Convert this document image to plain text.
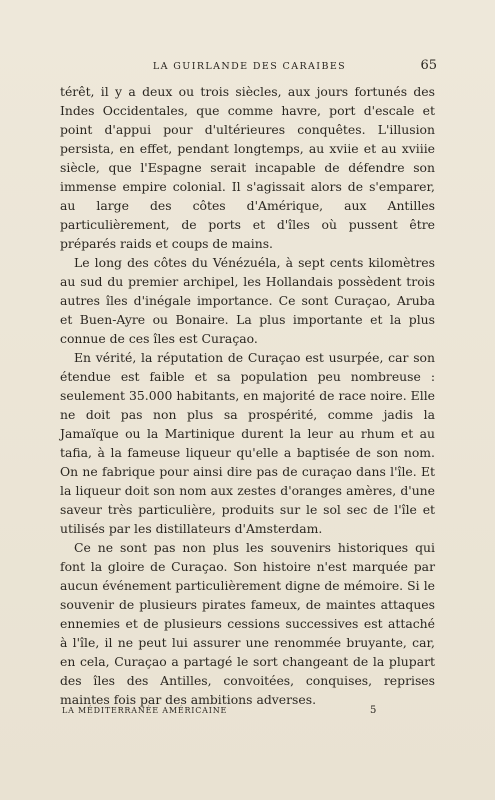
LA GUIRLANDE DES CARAIBES	65

térêt, il y a deux ou trois siècles, aux jours fortunés des Indes Occidentales, que comme havre, port d'escale et point d'appui pour d'ultérieures conquêtes. L'illusion persista, en effet, pendant longtemps, au xviie et au xviiie siècle, que l'Espagne serait incapable de défendre son immense empire colonial. Il s'agissait alors de s'emparer, au large des côtes d'Amérique, aux Antilles particulièrement, de ports et d'îles où pussent être préparés raids et coups de mains.

Le long des côtes du Vénézuéla, à sept cents kilomètres au sud du premier archipel, les Hollandais possèdent trois autres îles d'inégale importance. Ce sont Curaçao, Aruba et Buen-Ayre ou Bonaire. La plus importante et la plus connue de ces îles est Curaçao.

En vérité, la réputation de Curaçao est usurpée, car son étendue est faible et sa population peu nombreuse : seulement 35.000 habitants, en majorité de race noire. Elle ne doit pas non plus sa prospérité, comme jadis la Jamaïque ou la Martinique durent la leur au rhum et au tafia, à la fameuse liqueur qu'elle a baptisée de son nom. On ne fabrique pour ainsi dire pas de curaçao dans l'île. Et la liqueur doit son nom aux zestes d'oranges amères, d'une saveur très particulière, produits sur le sol sec de l'île et utilisés par les distillateurs d'Amsterdam.

Ce ne sont pas non plus les souvenirs historiques qui font la gloire de Curaçao. Son histoire n'est marquée par aucun événement particulièrement digne de mémoire. Si le souvenir de plusieurs pirates fameux, de maintes attaques ennemies et de plusieurs cessions successives est attaché à l'île, il ne peut lui assurer une renommée bruyante, car, en cela, Curaçao a partagé le sort changeant de la plupart des îles des Antilles, convoitées, conquises, reprises maintes fois par des ambitions adverses.

LA MÉDITERRANÉE AMÉRICAINE	5
